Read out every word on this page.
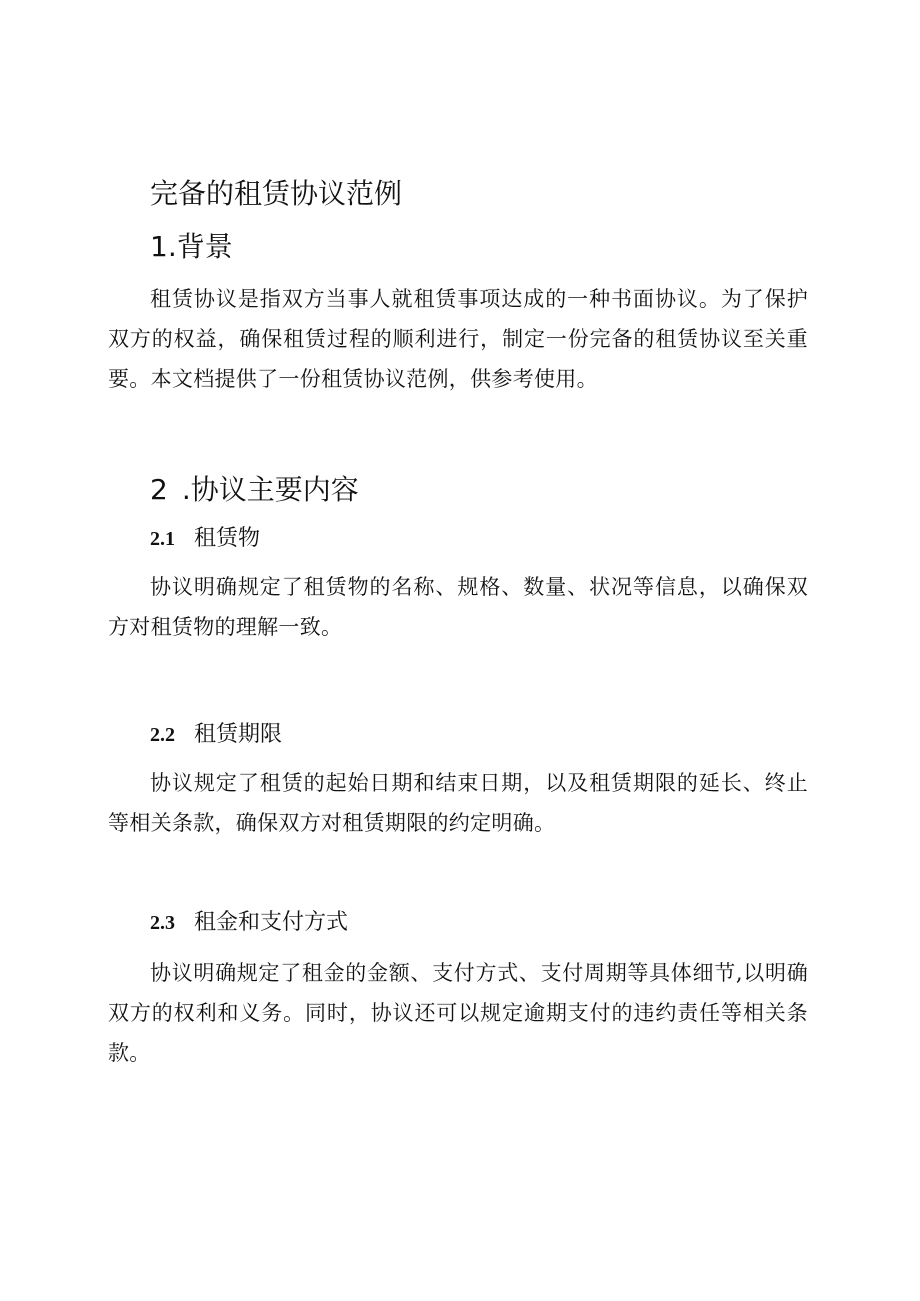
完备的租赁协议范例
1.背景

租赁协议是指双方当事人就租赁事项达成的一种书面协议。为了保护双方的权益，确保租赁过程的顺利进行，制定一份完备的租赁协议至关重要。本文档提供了一份租赁协议范例，供参考使用。

2 .协议主要内容
2.1 租赁物

协议明确规定了租赁物的名称、规格、数量、状况等信息，以确保双方对租赁物的理解一致。

2.2 租赁期限

协议规定了租赁的起始日期和结束日期，以及租赁期限的延长、终止等相关条款，确保双方对租赁期限的约定明确。

2.3 租金和支付方式

协议明确规定了租金的金额、支付方式、支付周期等具体细节,以明确双方的权利和义务。同时，协议还可以规定逾期支付的违约责任等相关条款。
